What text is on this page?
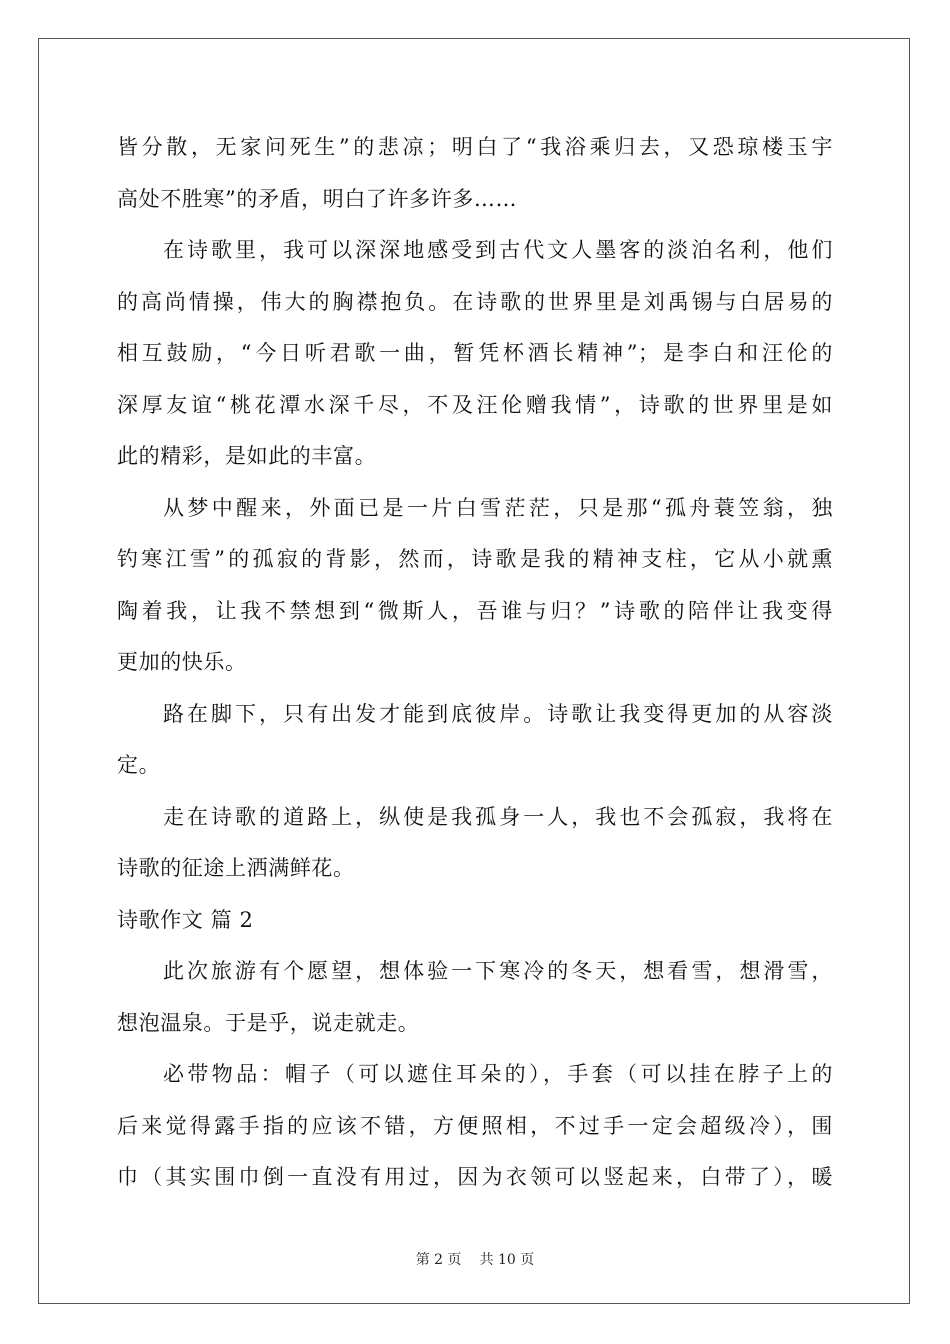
皆分散，无家问死生”的悲凉；明白了“我浴乘归去，又恐琼楼玉宇
高处不胜寒”的矛盾，明白了许多许多……
在诗歌里，我可以深深地感受到古代文人墨客的淡泊名利，他们
的高尚情操，伟大的胸襟抱负。在诗歌的世界里是刘禹锡与白居易的
相互鼓励，“今日听君歌一曲，暂凭杯酒长精神”；是李白和汪伦的
深厚友谊“桃花潭水深千尽，不及汪伦赠我情”，诗歌的世界里是如
此的精彩，是如此的丰富。
从梦中醒来，外面已是一片白雪茫茫，只是那“孤舟蓑笠翁，独
钓寒江雪”的孤寂的背影，然而，诗歌是我的精神支柱，它从小就熏
陶着我，让我不禁想到“微斯人，吾谁与归？”诗歌的陪伴让我变得
更加的快乐。
路在脚下，只有出发才能到底彼岸。诗歌让我变得更加的从容淡
定。
走在诗歌的道路上，纵使是我孤身一人，我也不会孤寂，我将在
诗歌的征途上洒满鲜花。
诗歌作文 篇 2
此次旅游有个愿望，想体验一下寒冷的冬天，想看雪，想滑雪，
想泡温泉。于是乎，说走就走。
必带物品：帽子（可以遮住耳朵的），手套（可以挂在脖子上的
后来觉得露手指的应该不错，方便照相，不过手一定会超级冷），围
巾（其实围巾倒一直没有用过，因为衣领可以竖起来，白带了），暖
第 2 页 共 10 页
